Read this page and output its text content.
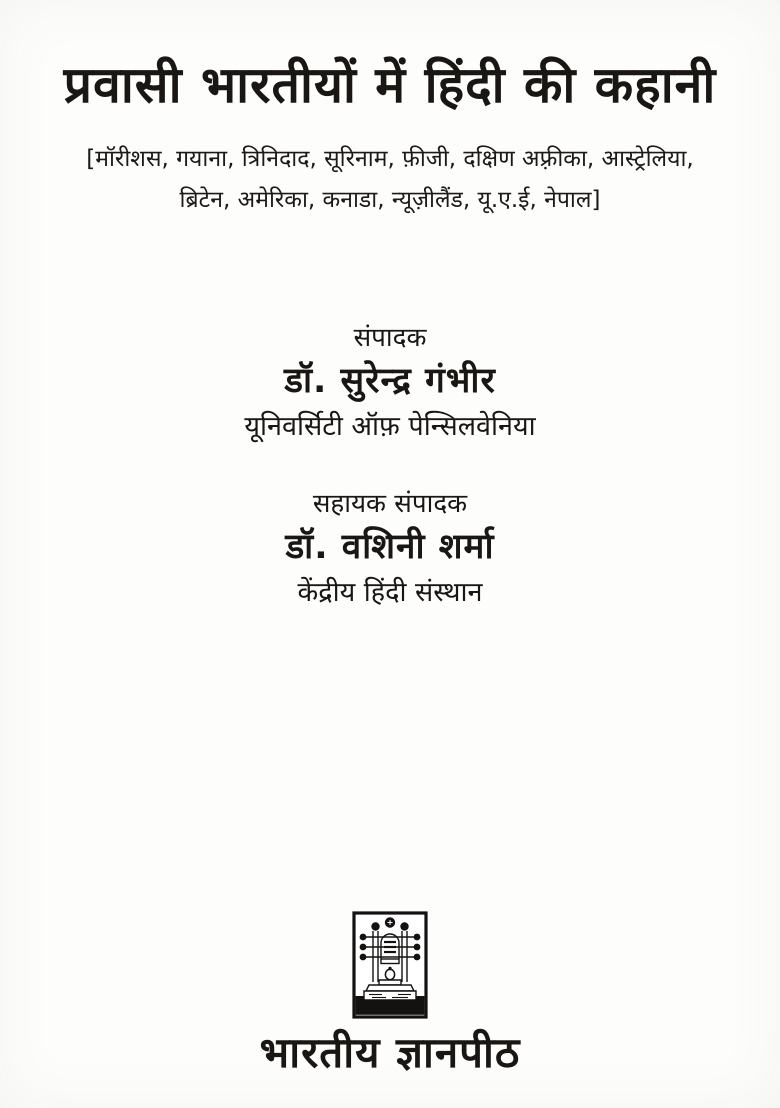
प्रवासी भारतीयों में हिंदी की कहानी
[मॉरीशस, गयाना, त्रिनिदाद, सूरिनाम, फ़ीजी, दक्षिण अफ़्रीका, आस्ट्रेलिया,
ब्रिटेन, अमेरिका, कनाडा, न्यूज़ीलैंड, यू.ए.ई, नेपाल]
संपादक
डॉ. सुरेन्द्र गंभीर
यूनिवर्सिटी ऑफ़ पेन्सिलवेनिया
सहायक संपादक
डॉ. वशिनी शर्मा
केंद्रीय हिंदी संस्थान
भारतीय ज्ञानपीठ
